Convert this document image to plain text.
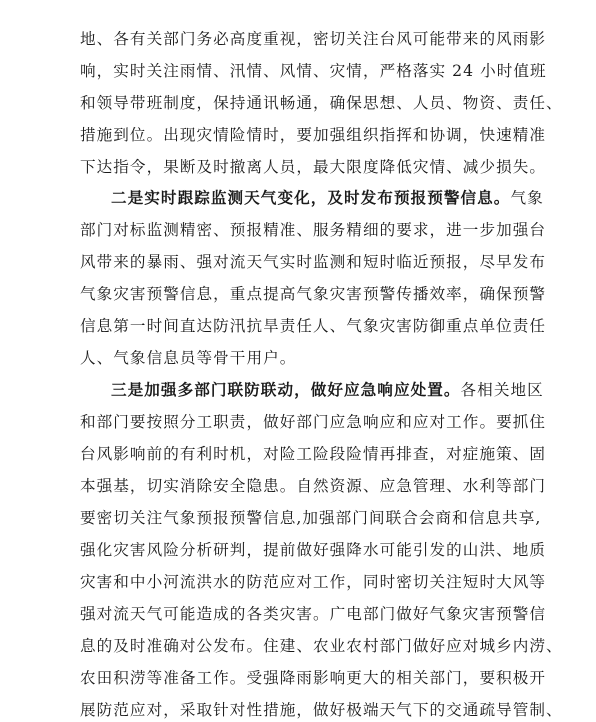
地、各有关部门务必高度重视，密切关注台风可能带来的风雨影
响，实时关注雨情、汛情、风情、灾情，严格落实 24 小时值班
和领导带班制度，保持通讯畅通，确保思想、人员、物资、责任、
措施到位。出现灾情险情时，要加强组织指挥和协调，快速精准
下达指令，果断及时撤离人员，最大限度降低灾情、减少损失。
二是实时跟踪监测天气变化，及时发布预报预警信息。气象
部门对标监测精密、预报精准、服务精细的要求，进一步加强台
风带来的暴雨、强对流天气实时监测和短时临近预报，尽早发布
气象灾害预警信息，重点提高气象灾害预警传播效率，确保预警
信息第一时间直达防汛抗旱责任人、气象灾害防御重点单位责任
人、气象信息员等骨干用户。
三是加强多部门联防联动，做好应急响应处置。各相关地区
和部门要按照分工职责，做好部门应急响应和应对工作。要抓住
台风影响前的有利时机，对险工险段险情再排查，对症施策、固
本强基，切实消除安全隐患。自然资源、应急管理、水利等部门
要密切关注气象预报预警信息,加强部门间联合会商和信息共享,
强化灾害风险分析研判，提前做好强降水可能引发的山洪、地质
灾害和中小河流洪水的防范应对工作，同时密切关注短时大风等
强对流天气可能造成的各类灾害。广电部门做好气象灾害预警信
息的及时准确对公发布。住建、农业农村部门做好应对城乡内涝、
农田积涝等准备工作。受强降雨影响更大的相关部门，要积极开
展防范应对，采取针对性措施，做好极端天气下的交通疏导管制、
